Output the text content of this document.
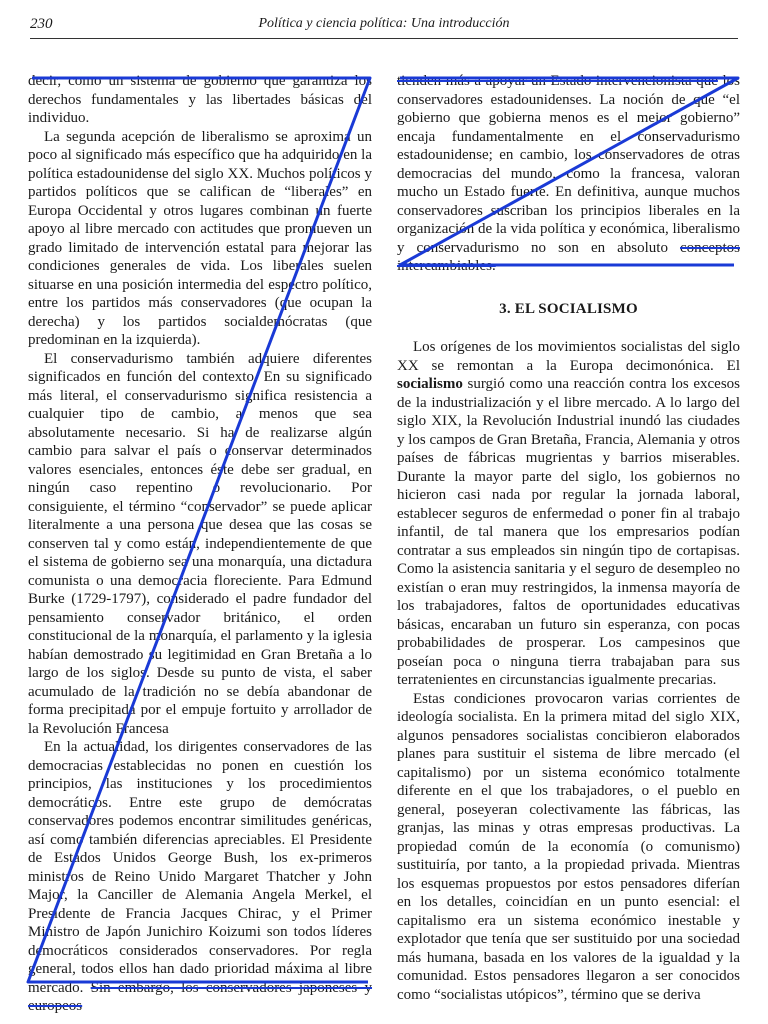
230	Política y ciencia política: Una introducción

decir, como un sistema de gobierno que garantiza los derechos fundamentales y las libertades básicas del individuo.

La segunda acepción de liberalismo se aproxima un poco al significado más específico que ha adquirido en la política estadounidense del siglo XX. Muchos políticos y partidos políticos que se califican de “liberales” en Europa Occidental y otros lugares combinan un fuerte apoyo al libre mercado con actitudes que promueven un grado limitado de intervención estatal para mejorar las condiciones generales de vida. Los liberales suelen situarse en una posición intermedia del espectro político, entre los partidos más conservadores (que ocupan la derecha) y los partidos socialdemócratas (que predominan en la izquierda).

El conservadurismo también adquiere diferentes significados en función del contexto. En su significado más literal, el conservadurismo significa resistencia a cualquier tipo de cambio, a menos que sea absolutamente necesario. Si ha de realizarse algún cambio para salvar el país o conservar determinados valores esenciales, entonces éste debe ser gradual, en ningún caso repentino o revolucionario. Por consiguiente, el término “conservador” se puede aplicar literalmente a una persona que desea que las cosas se conserven tal y como están, independientemente de que el sistema de gobierno sea una monarquía, una dictadura comunista o una democracia floreciente. Para Edmund Burke (1729-1797), considerado el padre fundador del pensamiento conservador británico, el orden constitucional de la monarquía, el parlamento y la iglesia habían demostrado su legitimidad en Gran Bretaña a lo largo de los siglos. Desde su punto de vista, el saber acumulado de la tradición no se debía abandonar de forma precipitada por el empuje fortuito y arrollador de la Revolución Francesa

En la actualidad, los dirigentes conservadores de las democracias establecidas no ponen en cuestión los principios, las instituciones y los procedimientos democráticos. Entre este grupo de demócratas conservadores podemos encontrar similitudes genéricas, así como también diferencias apreciables. El Presidente de Estados Unidos George Bush, los ex-primeros ministros de Reino Unido Margaret Thatcher y John Major, la Canciller de Alemania Angela Merkel, el Presidente de Francia Jacques Chirac, y el Primer Ministro de Japón Junichiro Koizumi son todos líderes democráticos considerados conservadores. Por regla general, todos ellos han dado prioridad máxima al libre mercado. Sin embargo, los conservadores japoneses y europeos

tienden más a apoyar un Estado intervencionista que los conservadores estadounidenses. La noción de que “el gobierno que gobierna menos es el mejor gobierno” encaja fundamentalmente en el conservadurismo estadounidense; en cambio, los conservadores de otras democracias del mundo, como la francesa, valoran mucho un Estado fuerte. En definitiva, aunque muchos conservadores suscriban los principios liberales en la organización de la vida política y económica, liberalismo y conservadurismo no son en absoluto conceptos intercambiables.

3. EL SOCIALISMO

Los orígenes de los movimientos socialistas del siglo XX se remontan a la Europa decimonónica. El socialismo surgió como una reacción contra los excesos de la industrialización y el libre mercado. A lo largo del siglo XIX, la Revolución Industrial inundó las ciudades y los campos de Gran Bretaña, Francia, Alemania y otros países de fábricas mugrientas y barrios miserables. Durante la mayor parte del siglo, los gobiernos no hicieron casi nada por regular la jornada laboral, establecer seguros de enfermedad o poner fin al trabajo infantil, de tal manera que los empresarios podían contratar a sus empleados sin ningún tipo de cortapisas. Como la asistencia sanitaria y el seguro de desempleo no existían o eran muy restringidos, la inmensa mayoría de los trabajadores, faltos de oportunidades educativas básicas, encaraban un futuro sin esperanza, con pocas probabilidades de prosperar. Los campesinos que poseían poca o ninguna tierra trabajaban para sus terratenientes en circunstancias igualmente precarias.

Estas condiciones provocaron varias corrientes de ideología socialista. En la primera mitad del siglo XIX, algunos pensadores socialistas concibieron elaborados planes para sustituir el sistema de libre mercado (el capitalismo) por un sistema económico totalmente diferente en el que los trabajadores, o el pueblo en general, poseyeran colectivamente las fábricas, las granjas, las minas y otras empresas productivas. La propiedad común de la economía (o comunismo) sustituiría, por tanto, a la propiedad privada. Mientras los esquemas propuestos por estos pensadores diferían en los detalles, coincidían en un punto esencial: el capitalismo era un sistema económico inestable y explotador que tenía que ser sustituido por una sociedad más humana, basada en los valores de la igualdad y la comunidad. Estos pensadores llegaron a ser conocidos como “socialistas utópicos”, término que se deriva
